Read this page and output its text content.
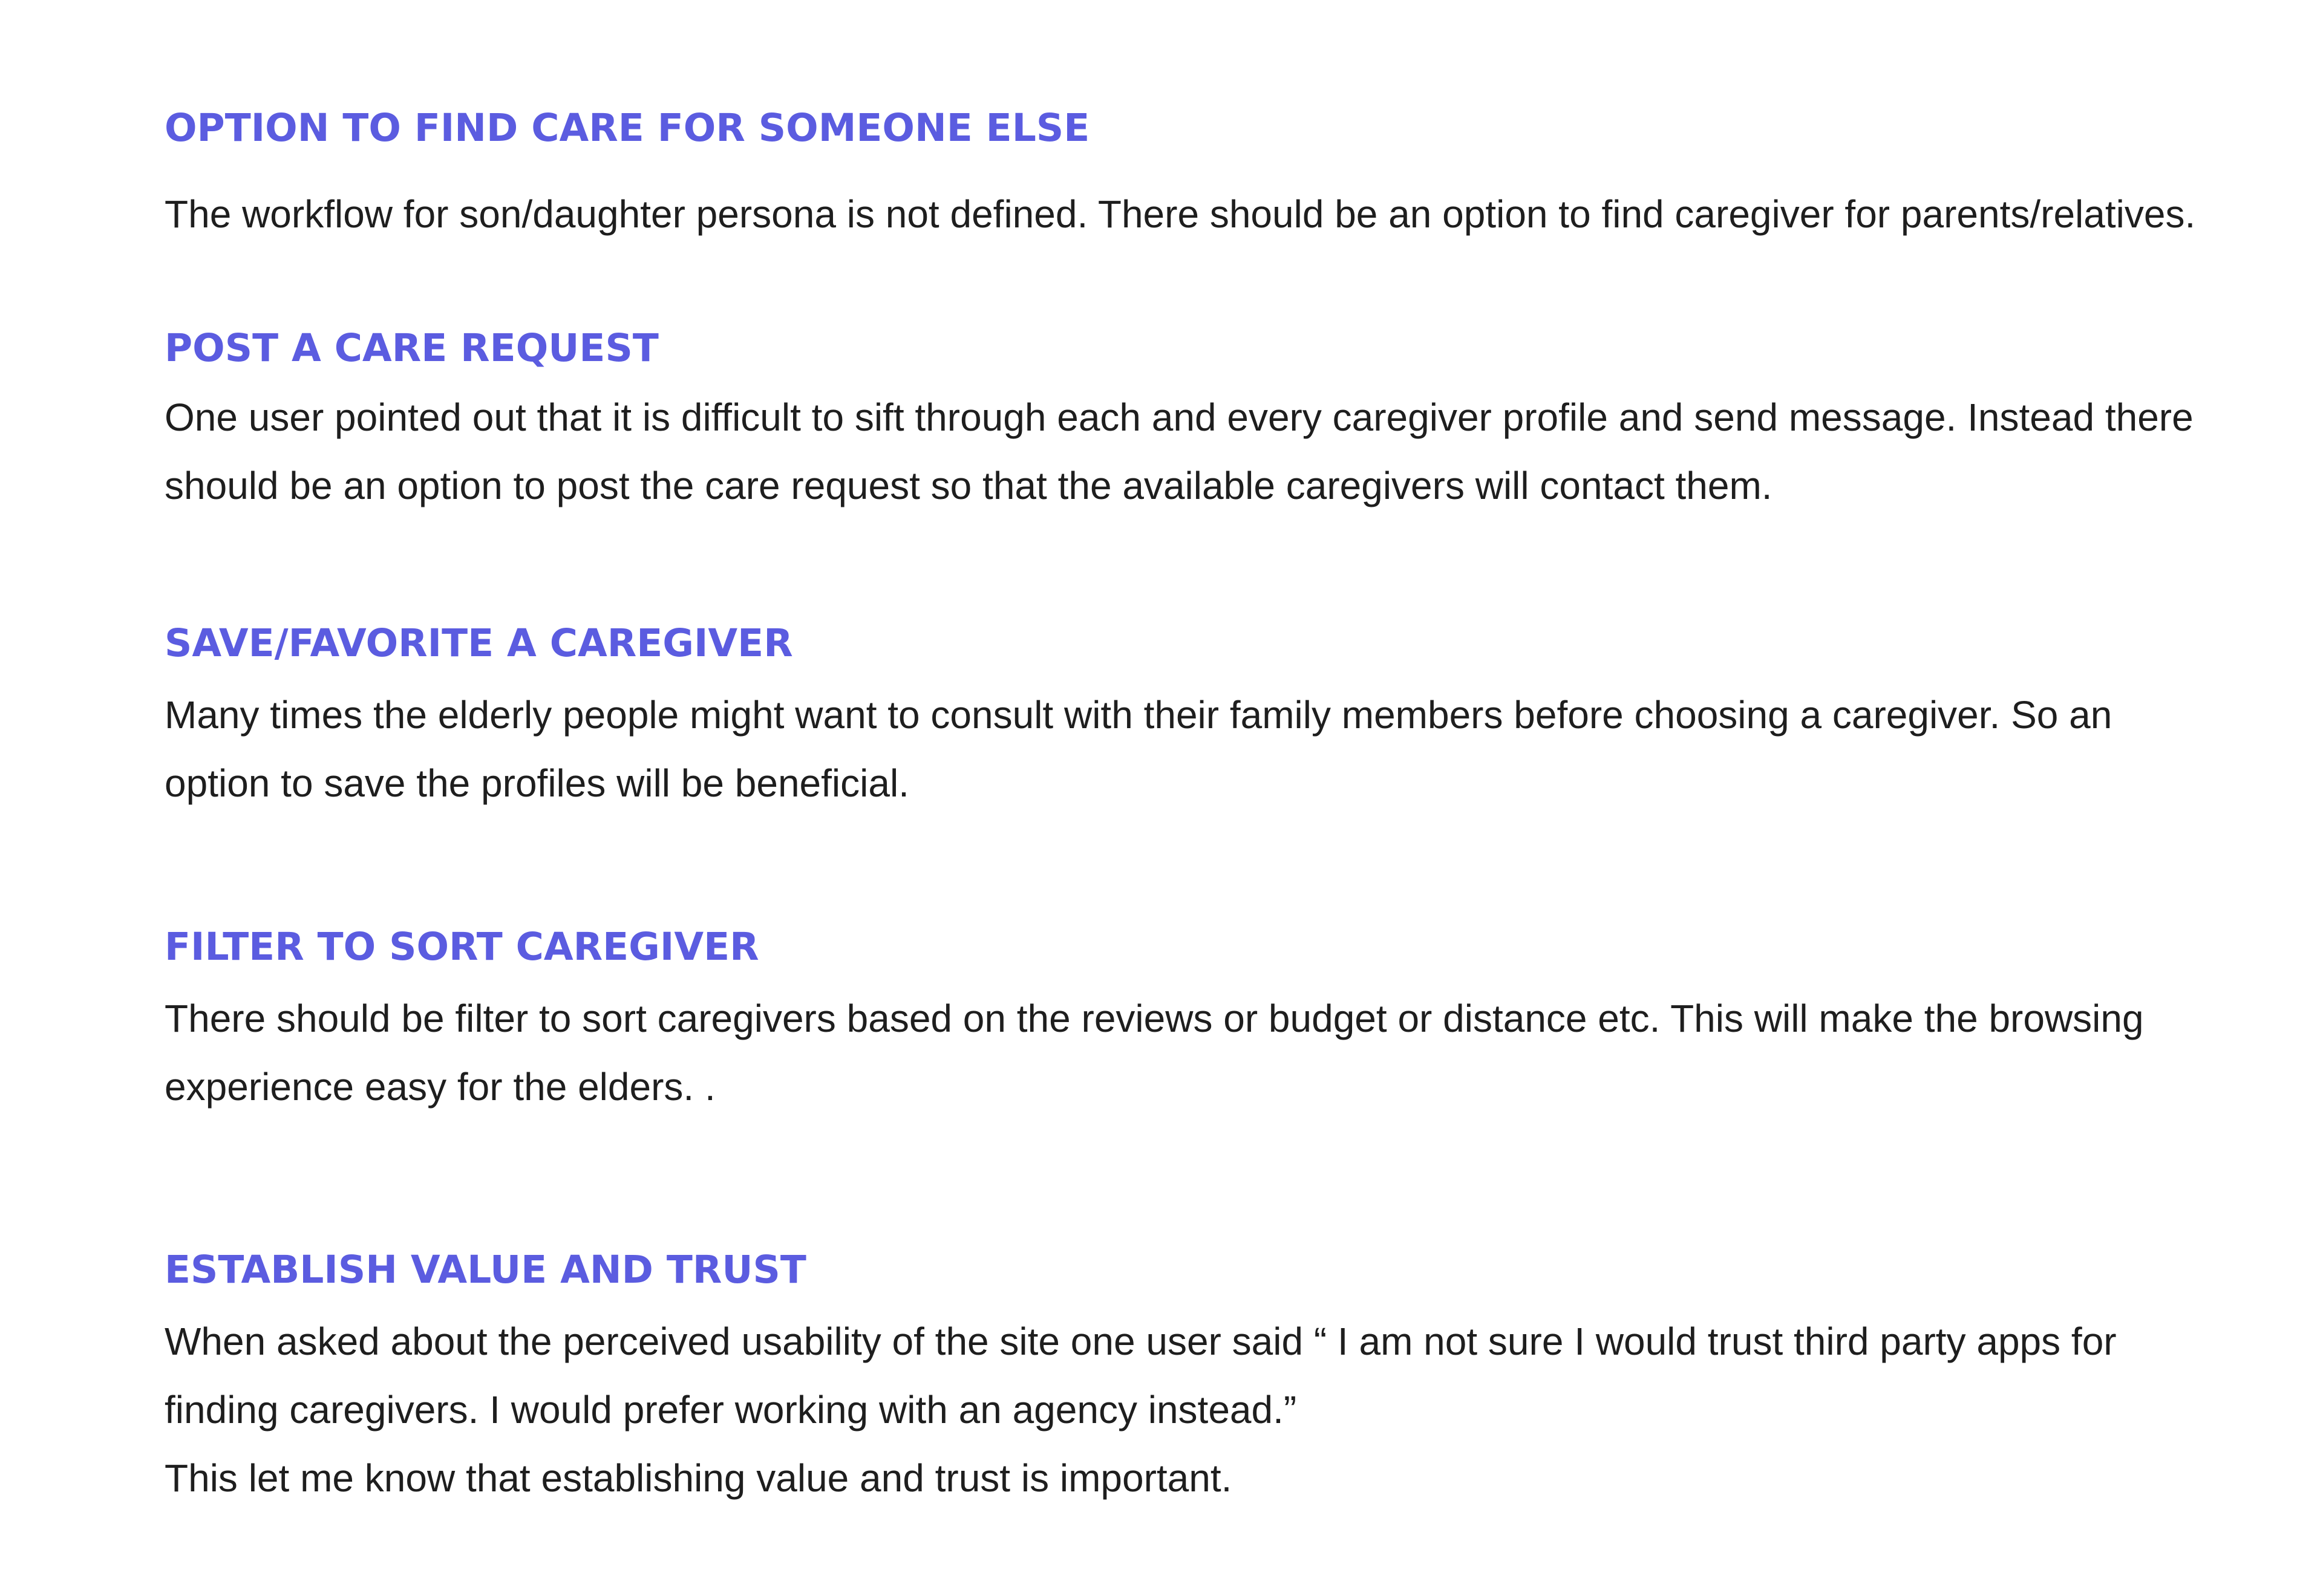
OPTION TO FIND CARE FOR SOMEONE ELSE

The workflow for son/daughter persona is not defined. There should be an option to find caregiver for parents/relatives.

POST A CARE REQUEST

One user pointed out that it is difficult to sift through each and every caregiver profile and send message. Instead there
should be an option to post the care request so that the available caregivers will contact them.

SAVE/FAVORITE A CAREGIVER

Many times the elderly people might want to consult with their family members before choosing a caregiver. So an
option to save the profiles will be beneficial.

FILTER TO SORT CAREGIVER

There should be filter to sort caregivers based on the reviews or budget or distance etc. This will make the browsing
experience easy for the elders. .

ESTABLISH VALUE AND TRUST

When asked about the perceived usability of the site one user said “ I am not sure I would trust third party apps for
finding caregivers. I would prefer working with an agency instead.”
This let me know that establishing value and trust is important.
